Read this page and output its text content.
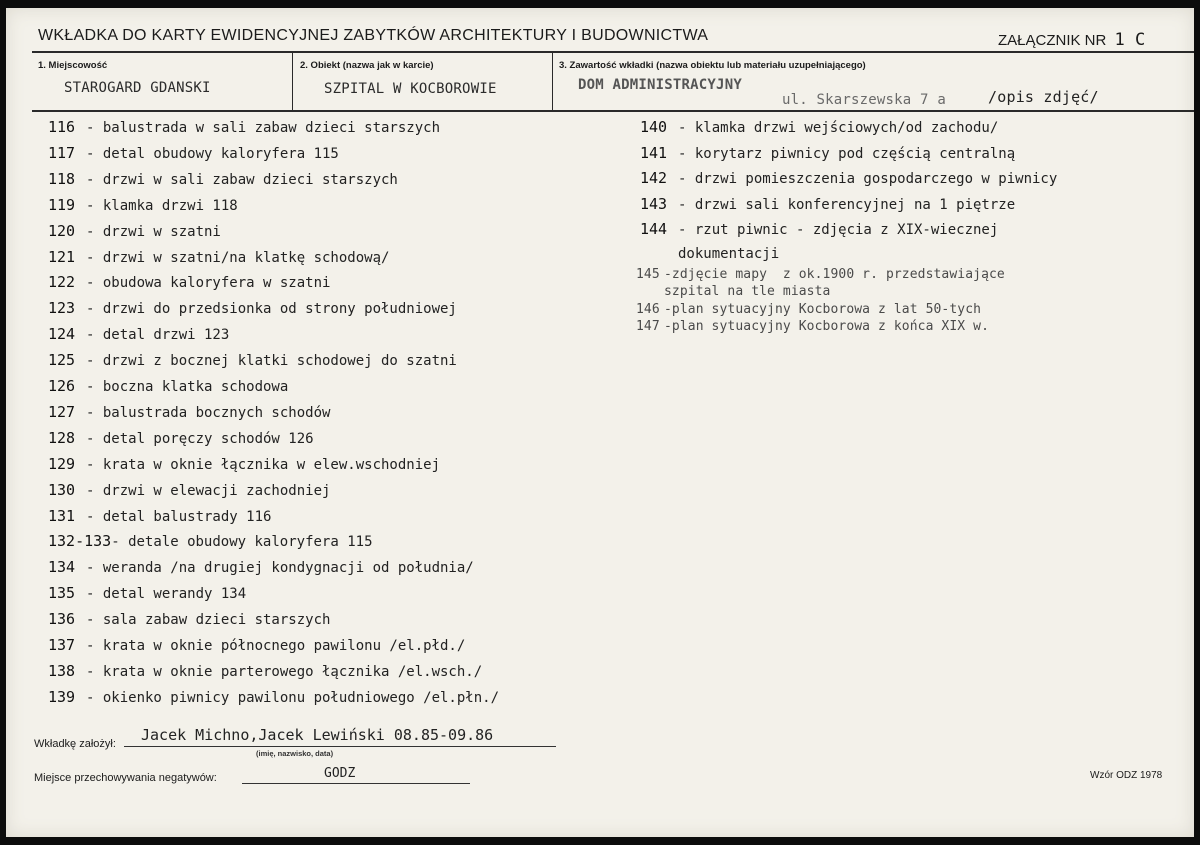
WKŁADKA DO KARTY EWIDENCYJNEJ ZABYTKÓW ARCHITEKTURY I BUDOWNICTWA	ZAŁĄCZNIK NR 1 C
1. Miejscowość
STAROGARD GDANSKI
2. Obiekt (nazwa jak w karcie)
SZPITAL W KOCBOROWIE
3. Zawartość wkładki (nazwa obiektu lub materiału uzupełniającego)
DOM ADMINISTRACYJNY
ul. Skarszewska 7 a	/opis zdjęć/
116 - balustrada w sali zabaw dzieci starszych
117 - detal obudowy kaloryfera 115
118 - drzwi w sali zabaw dzieci starszych
119 - klamka drzwi 118
120 - drzwi w szatni
121 - drzwi w szatni/na klatkę schodową/
122 - obudowa kaloryfera w szatni
123 - drzwi do przedsionka od strony południowej
124 - detal drzwi 123
125 - drzwi z bocznej klatki schodowej do szatni
126 - boczna klatka schodowa
127 - balustrada bocznych schodów
128 - detal poręczy schodów 126
129 - krata w oknie łącznika w elew.wschodniej
130 - drzwi w elewacji zachodniej
131 - detal balustrady 116
132-133- detale obudowy kaloryfera 115
134 - weranda /na drugiej kondygnacji od południa/
135 - detal werandy 134
136 - sala zabaw dzieci starszych
137 - krata w oknie północnego pawilonu /el.płd./
138 - krata w oknie parterowego łącznika /el.wsch./
139 - okienko piwnicy pawilonu południowego /el.płn./
140 - klamka drzwi wejściowych/od zachodu/
141 - korytarz piwnicy pod częścią centralną
142 - drzwi pomieszczenia gospodarczego w piwnicy
143 - drzwi sali konferencyjnej na 1 piętrze
144 - rzut piwnic - zdjęcia z XIX-wiecznej
dokumentacji
145 -zdjęcie mapy  z ok.1900 r. przedstawiające
szpital na tle miasta
146 -plan sytuacyjny Kocborowa z lat 50-tych
147 -plan sytuacyjny Kocborowa z końca XIX w.
Wkładkę założył: Jacek Michno,Jacek Lewiński 08.85-09.86
(imię, nazwisko, data)
Miejsce przechowywania negatywów:	GODZ	Wzór ODZ 1978
